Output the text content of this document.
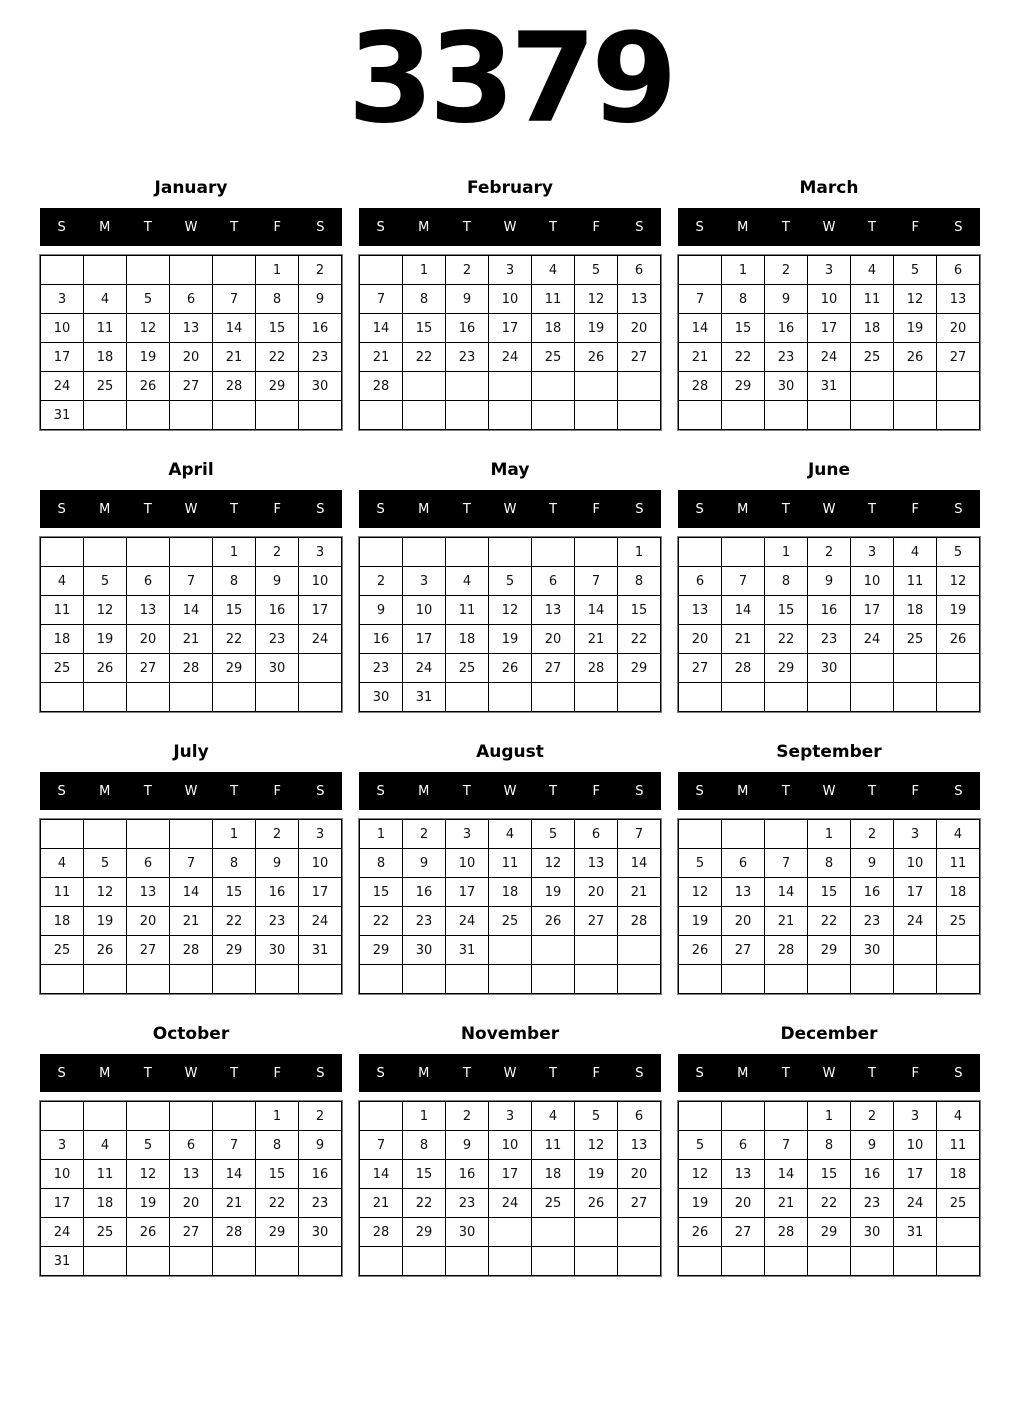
3379
January
S	M	T	W	T	F	S
					1	2
3	4	5	6	7	8	9
10	11	12	13	14	15	16
17	18	19	20	21	22	23
24	25	26	27	28	29	30
31						
February
S	M	T	W	T	F	S
	1	2	3	4	5	6
7	8	9	10	11	12	13
14	15	16	17	18	19	20
21	22	23	24	25	26	27
28						

March
S	M	T	W	T	F	S
	1	2	3	4	5	6
7	8	9	10	11	12	13
14	15	16	17	18	19	20
21	22	23	24	25	26	27
28	29	30	31			

April
S	M	T	W	T	F	S
				1	2	3
4	5	6	7	8	9	10
11	12	13	14	15	16	17
18	19	20	21	22	23	24
25	26	27	28	29	30	

May
S	M	T	W	T	F	S
						1
2	3	4	5	6	7	8
9	10	11	12	13	14	15
16	17	18	19	20	21	22
23	24	25	26	27	28	29
30	31					
June
S	M	T	W	T	F	S
		1	2	3	4	5
6	7	8	9	10	11	12
13	14	15	16	17	18	19
20	21	22	23	24	25	26
27	28	29	30			

July
S	M	T	W	T	F	S
				1	2	3
4	5	6	7	8	9	10
11	12	13	14	15	16	17
18	19	20	21	22	23	24
25	26	27	28	29	30	31

August
S	M	T	W	T	F	S
1	2	3	4	5	6	7
8	9	10	11	12	13	14
15	16	17	18	19	20	21
22	23	24	25	26	27	28
29	30	31				

September
S	M	T	W	T	F	S
			1	2	3	4
5	6	7	8	9	10	11
12	13	14	15	16	17	18
19	20	21	22	23	24	25
26	27	28	29	30		

October
S	M	T	W	T	F	S
					1	2
3	4	5	6	7	8	9
10	11	12	13	14	15	16
17	18	19	20	21	22	23
24	25	26	27	28	29	30
31						
November
S	M	T	W	T	F	S
	1	2	3	4	5	6
7	8	9	10	11	12	13
14	15	16	17	18	19	20
21	22	23	24	25	26	27
28	29	30				

December
S	M	T	W	T	F	S
			1	2	3	4
5	6	7	8	9	10	11
12	13	14	15	16	17	18
19	20	21	22	23	24	25
26	27	28	29	30	31	
